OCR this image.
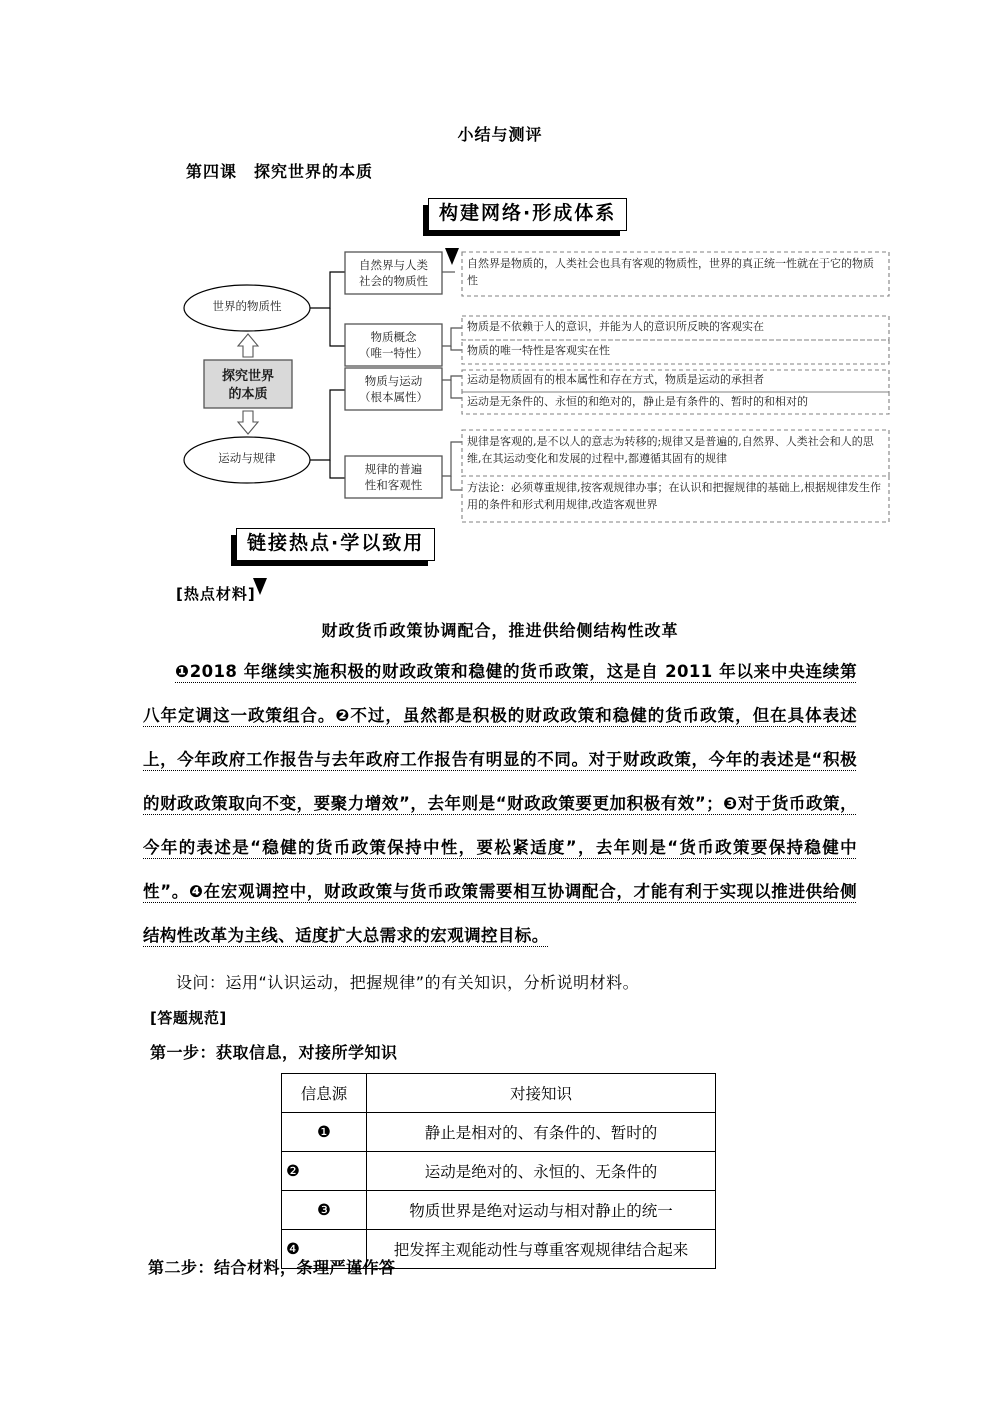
小结与测评
第四课　探究世界的本质
构建网络·形成体系
世界的物质性
运动与规律
探究世界
的本质
自然界与人类
社会的物质性
物质概念
（唯一特性）
物质与运动
（根本属性）
规律的普遍
性和客观性
自然界是物质的，人类社会也具有客观的物质性，世界的真正统一性就在于它的物质性
物质是不依赖于人的意识，并能为人的意识所反映的客观实在
物质的唯一特性是客观实在性
运动是物质固有的根本属性和存在方式，物质是运动的承担者
运动是无条件的、永恒的和绝对的，静止是有条件的、暂时的和相对的
规律是客观的,是不以人的意志为转移的;规律又是普遍的,自然界、人类社会和人的思维,在其运动变化和发展的过程中,都遵循其固有的规律
方法论：必须尊重规律,按客观规律办事；在认识和把握规律的基础上,根据规律发生作用的条件和形式利用规律,改造客观世界
链接热点·学以致用
[热点材料]
财政货币政策协调配合，推进供给侧结构性改革
❶2018 年继续实施积极的财政政策和稳健的货币政策，这是自 2011 年以来中央连续第八年定调这一政策组合。❷不过，虽然都是积极的财政政策和稳健的货币政策，但在具体表述上，今年政府工作报告与去年政府工作报告有明显的不同。对于财政政策，今年的表述是“积极的财政政策取向不变，要聚力增效”，去年则是“财政政策要更加积极有效”；❸对于货币政策，今年的表述是“稳健的货币政策保持中性，要松紧适度”，去年则是“货币政策要保持稳健中性”。❹在宏观调控中，财政政策与货币政策需要相互协调配合，才能有利于实现以推进供给侧结构性改革为主线、适度扩大总需求的宏观调控目标。
设问：运用“认识运动，把握规律”的有关知识，分析说明材料。
[答题规范]
第一步：获取信息，对接所学知识
信息源	对接知识
❶	静止是相对的、有条件的、暂时的
❷	运动是绝对的、永恒的、无条件的
❸	物质世界是绝对运动与相对静止的统一
❹	把发挥主观能动性与尊重客观规律结合起来
第二步：结合材料，条理严谨作答
